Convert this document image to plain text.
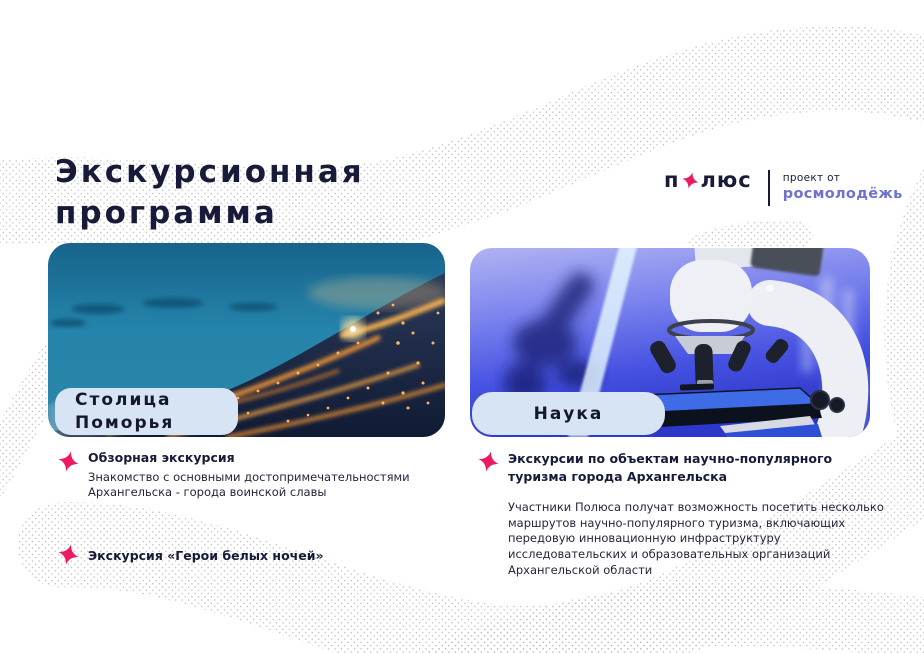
Экскурсионная
программа
п люс	проект от
росмолодёжь
Столица
Поморья	Наука
Обзорная экскурсия
Знакомство с основными достопримечательностями Архангельска - города воинской славы
Экскурсия «Герои белых ночей»
Экскурсии по объектам научно-популярного туризма города Архангельска
Участники Полюса получат возможность посетить несколько маршрутов научно-популярного туризма, включающих передовую инновационную инфраструктуру исследовательских и образовательных организаций Архангельской области
